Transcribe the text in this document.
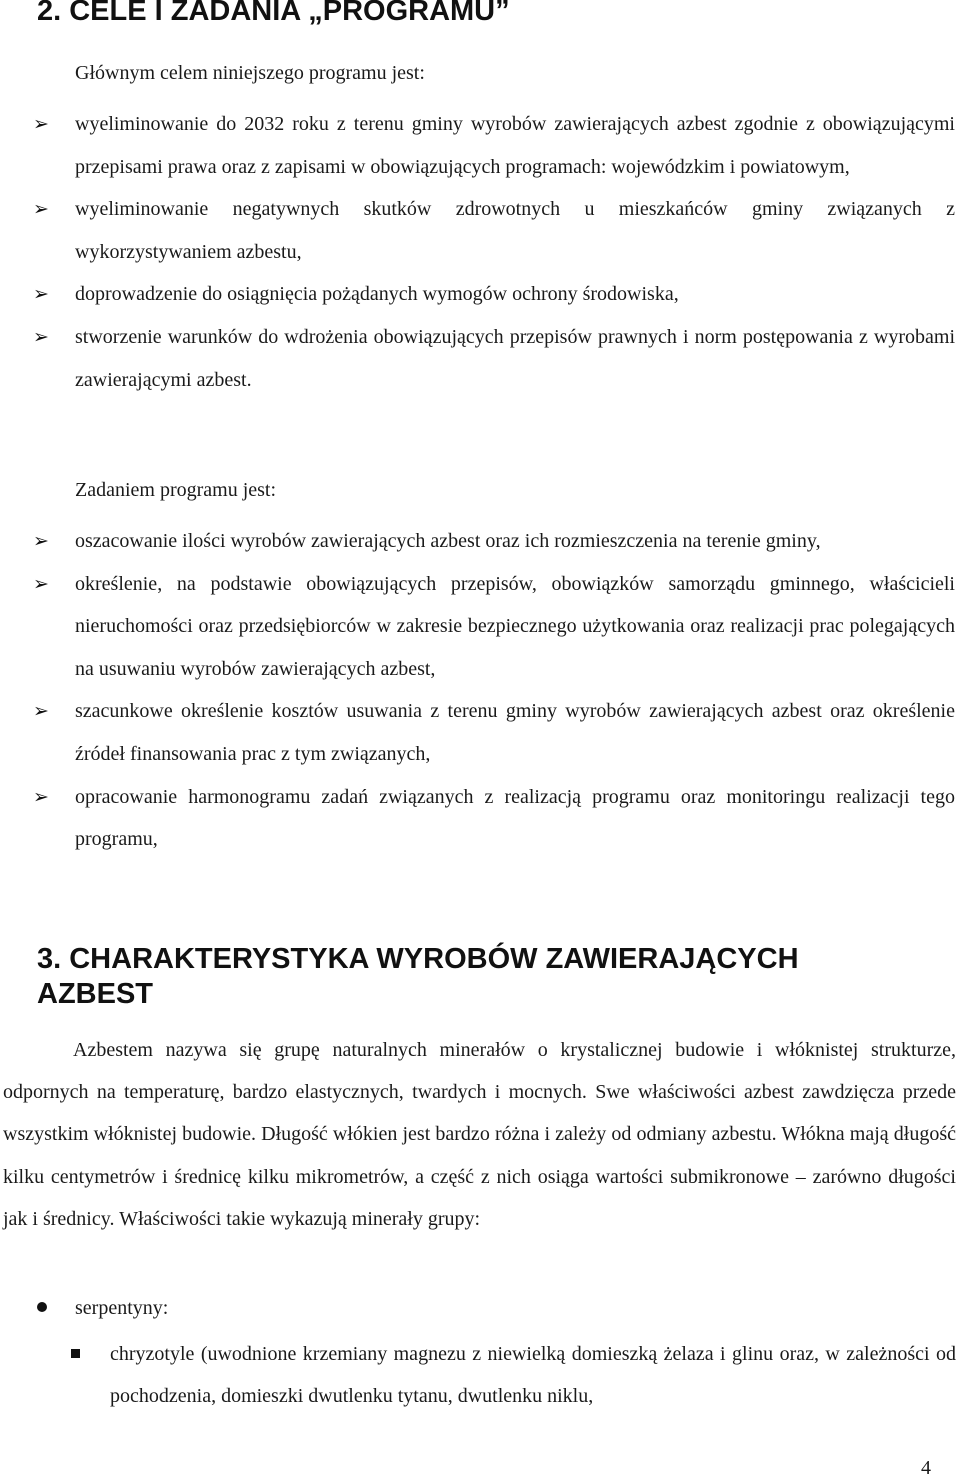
2. CELE I ZADANIA „PROGRAMU”

Głównym celem niniejszego programu jest:

➢ wyeliminowanie do 2032 roku z terenu gminy wyrobów zawierających azbest zgodnie z obowiązującymi przepisami prawa oraz z zapisami w obowiązujących programach: wojewódzkim i powiatowym,
➢ wyeliminowanie negatywnych skutków zdrowotnych u mieszkańców gminy związanych z wykorzystywaniem azbestu,
➢ doprowadzenie do osiągnięcia pożądanych wymogów ochrony środowiska,
➢ stworzenie warunków do wdrożenia obowiązujących przepisów prawnych i norm postępowania z wyrobami zawierającymi azbest.

Zadaniem programu jest:

➢ oszacowanie ilości wyrobów zawierających azbest oraz ich rozmieszczenia na terenie gminy,
➢ określenie, na podstawie obowiązujących przepisów, obowiązków samorządu gminnego, właścicieli nieruchomości oraz przedsiębiorców w zakresie bezpiecznego użytkowania oraz realizacji prac polegających na usuwaniu wyrobów zawierających azbest,
➢ szacunkowe określenie kosztów usuwania z terenu gminy wyrobów zawierających azbest oraz określenie źródeł finansowania prac z tym związanych,
➢ opracowanie harmonogramu zadań związanych z realizacją programu oraz monitoringu realizacji tego programu,
3. CHARAKTERYSTYKA WYROBÓW ZAWIERAJĄCYCH AZBEST

Azbestem nazywa się grupę naturalnych minerałów o krystalicznej budowie i włóknistej strukturze, odpornych na temperaturę, bardzo elastycznych, twardych i mocnych. Swe właściwości azbest zawdzięcza przede wszystkim włóknistej budowie. Długość włókien jest bardzo różna i zależy od odmiany azbestu. Włókna mają długość kilku centymetrów i średnicę kilku mikrometrów, a część z nich osiąga wartości submikronowe – zarówno długości jak i średnicy. Właściwości takie wykazują minerały grupy:

serpentyny:

chryzotyle (uwodnione krzemiany magnezu z niewielką domieszką żelaza i glinu oraz, w zależności od pochodzenia, domieszki dwutlenku tytanu, dwutlenku niklu,

4
